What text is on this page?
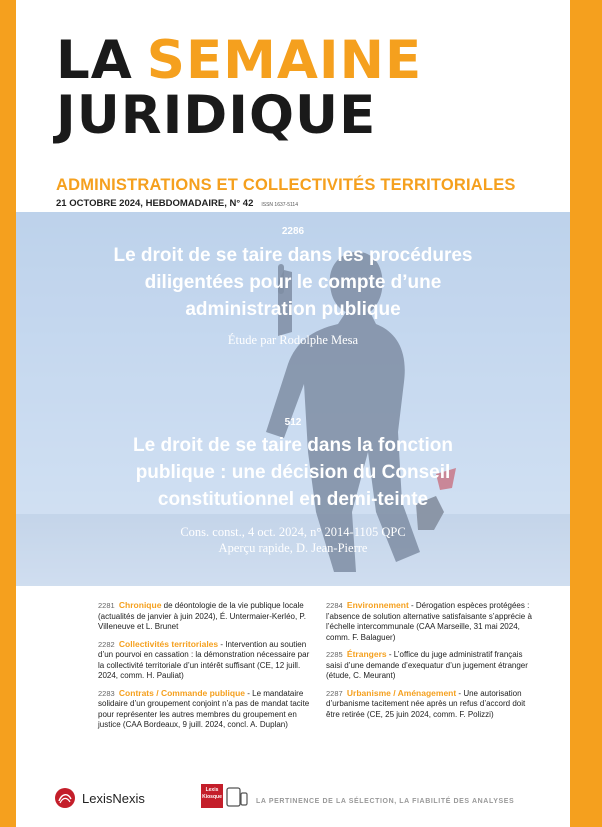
LA SEMAINE
JURIDIQUE
ADMINISTRATIONS ET COLLECTIVITÉS TERRITORIALES
21 OCTOBRE 2024, HEBDOMADAIRE, N° 42 ISSN 1637-5114
2286
Le droit de se taire dans les procédures
diligentées pour le compte d’une
administration publique
Étude par Rodolphe Mesa
512
Le droit de se taire dans la fonction
publique : une décision du Conseil
constitutionnel en demi-teinte
Cons. const., 4 oct. 2024, n° 2014-1105 QPC
Aperçu rapide, D. Jean-Pierre
2281 Chronique de déontologie de la vie publique locale (actualités de janvier à juin 2024), É. Untermaier-Kerléo, P. Villeneuve et L. Brunet
2282 Collectivités territoriales - Intervention au soutien d’un pourvoi en cassation : la démonstration nécessaire par la collectivité territoriale d’un intérêt suffisant (CE, 12 juill. 2024, comm. H. Pauliat)
2283 Contrats / Commande publique - Le mandataire solidaire d’un groupement conjoint n’a pas de mandat tacite pour représenter les autres membres du groupement en justice (CAA Bordeaux, 9 juill. 2024, concl. A. Duplan)
2284 Environnement - Dérogation espèces protégées : l’absence de solution alternative satisfaisante s’apprécie à l’échelle intercommunale (CAA Marseille, 31 mai 2024, comm. F. Balaguer)
2285 Étrangers - L’office du juge administratif français saisi d’une demande d’exequatur d’un jugement étranger (étude, C. Meurant)
2287 Urbanisme / Aménagement - Une autorisation d’urbanisme tacitement née après un refus d’accord doit être retirée (CE, 25 juin 2024, comm. F. Polizzi)
LexisNexis
Lexis
Kiosque
LA PERTINENCE DE LA SÉLECTION, LA FIABILITÉ DES ANALYSES
